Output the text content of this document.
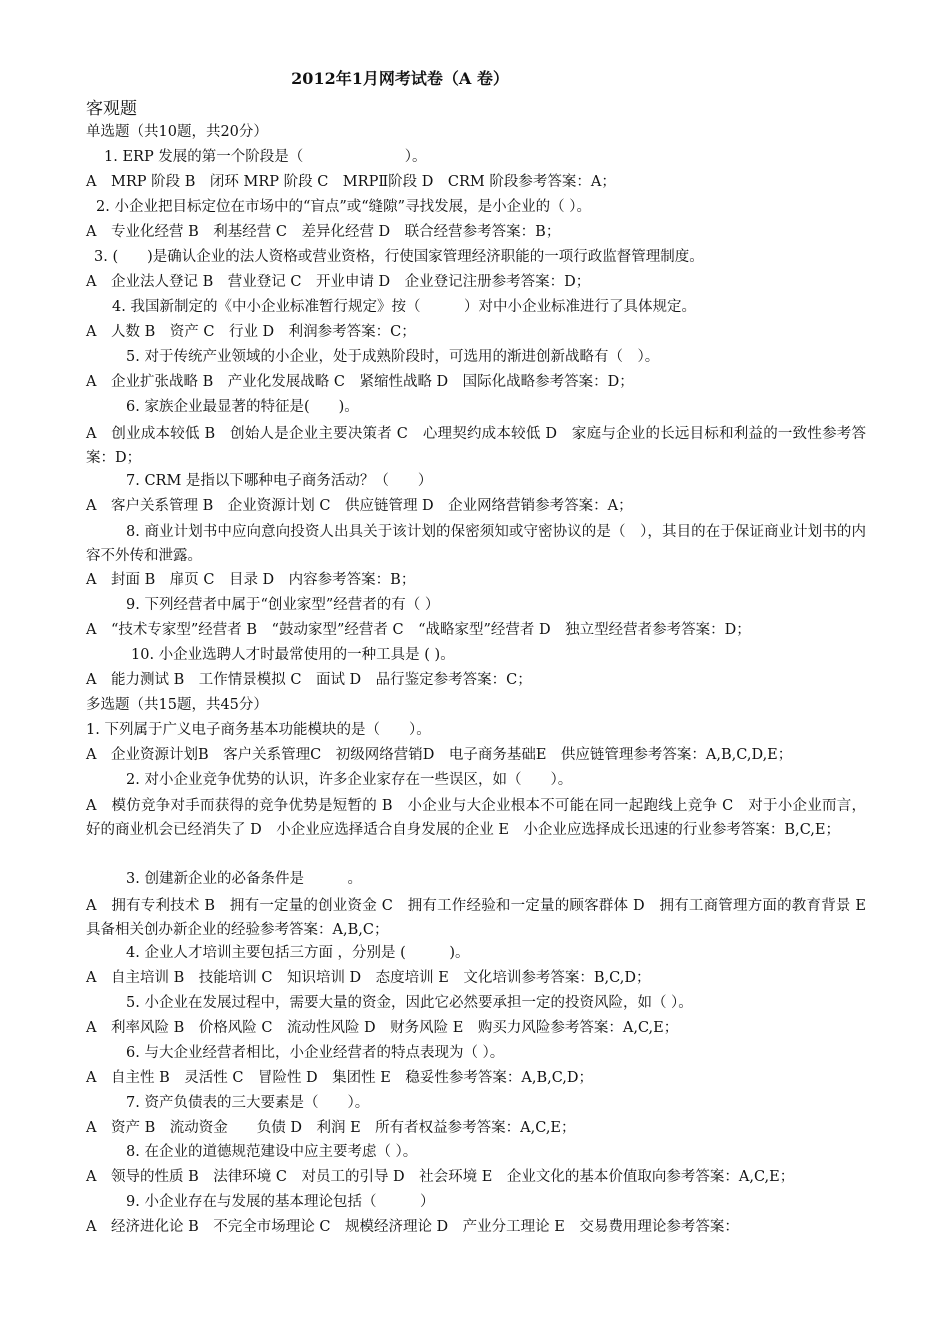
2012年1月网考试卷（A 卷）
客观题
单选题（共10题，共20分）
1. ERP 发展的第一个阶段是（　　　　　　　）。
A　MRP 阶段 B　闭环 MRP 阶段 C　MRPⅡ阶段 D　CRM 阶段参考答案：A；
2. 小企业把目标定位在市场中的“盲点”或“缝隙”寻找发展，是小企业的（ ）。
A　专业化经营 B　利基经营 C　差异化经营 D　联合经营参考答案：B；
3. (　　)是确认企业的法人资格或营业资格，行使国家管理经济职能的一项行政监督管理制度。
A　企业法人登记 B　营业登记 C　开业申请 D　企业登记注册参考答案：D；
4. 我国新制定的《中小企业标准暂行规定》按（　　　）对中小企业标准进行了具体规定。
A　人数 B　资产 C　行业 D　利润参考答案：C；
5. 对于传统产业领域的小企业，处于成熟阶段时，可选用的渐进创新战略有（　）。
A　企业扩张战略 B　产业化发展战略 C　紧缩性战略 D　国际化战略参考答案：D；
6. 家族企业最显著的特征是(　　)。
A　创业成本较低 B　创始人是企业主要决策者 C　心理契约成本较低 D　家庭与企业的长远目标和利益的一致性参考答案：D；
7. CRM 是指以下哪种电子商务活动？（　　）
A　客户关系管理 B　企业资源计划 C　供应链管理 D　企业网络营销参考答案：A；
8. 商业计划书中应向意向投资人出具关于该计划的保密须知或守密协议的是（　），其目的在于保证商业计划书的内容不外传和泄露。
A　封面 B　扉页 C　目录 D　内容参考答案：B；
9. 下列经营者中属于“创业家型”经营者的有（ ）
A　“技术专家型”经营者 B　“鼓动家型”经营者 C　“战略家型”经营者 D　独立型经营者参考答案：D；
10. 小企业选聘人才时最常使用的一种工具是 ( )。
A　能力测试 B　工作情景模拟 C　面试 D　品行鉴定参考答案：C；
多选题（共15题，共45分）
1. 下列属于广义电子商务基本功能模块的是（　　）。
A　企业资源计划B　客户关系管理C　初级网络营销D　电子商务基础E　供应链管理参考答案：A,B,C,D,E；
2. 对小企业竞争优势的认识，许多企业家存在一些误区，如（　　）。
A　模仿竞争对手而获得的竞争优势是短暂的 B　小企业与大企业根本不可能在同一起跑线上竞争 C　对于小企业而言，好的商业机会已经消失了 D　小企业应选择适合自身发展的企业 E　小企业应选择成长迅速的行业参考答案：B,C,E；
3. 创建新企业的必备条件是　　　。
A　拥有专利技术 B　拥有一定量的创业资金 C　拥有工作经验和一定量的顾客群体 D　拥有工商管理方面的教育背景 E　具备相关创办新企业的经验参考答案：A,B,C；
4. 企业人才培训主要包括三方面 ，分别是 (　　　)。
A　自主培训 B　技能培训 C　知识培训 D　态度培训 E　文化培训参考答案：B,C,D；
5. 小企业在发展过程中，需要大量的资金，因此它必然要承担一定的投资风险，如（ ）。
A　利率风险 B　价格风险 C　流动性风险 D　财务风险 E　购买力风险参考答案：A,C,E；
6. 与大企业经营者相比，小企业经营者的特点表现为（ ）。
A　自主性 B　灵活性 C　冒险性 D　集团性 E　稳妥性参考答案：A,B,C,D；
7. 资产负债表的三大要素是（　　）。
A　资产 B　流动资金　　负债 D　利润 E　所有者权益参考答案：A,C,E；
8. 在企业的道德规范建设中应主要考虑（ ）。
A　领导的性质 B　法律环境 C　对员工的引导 D　社会环境 E　企业文化的基本价值取向参考答案：A,C,E；
9. 小企业存在与发展的基本理论包括（　　　）
A　经济进化论 B　不完全市场理论 C　规模经济理论 D　产业分工理论 E　交易费用理论参考答案：
